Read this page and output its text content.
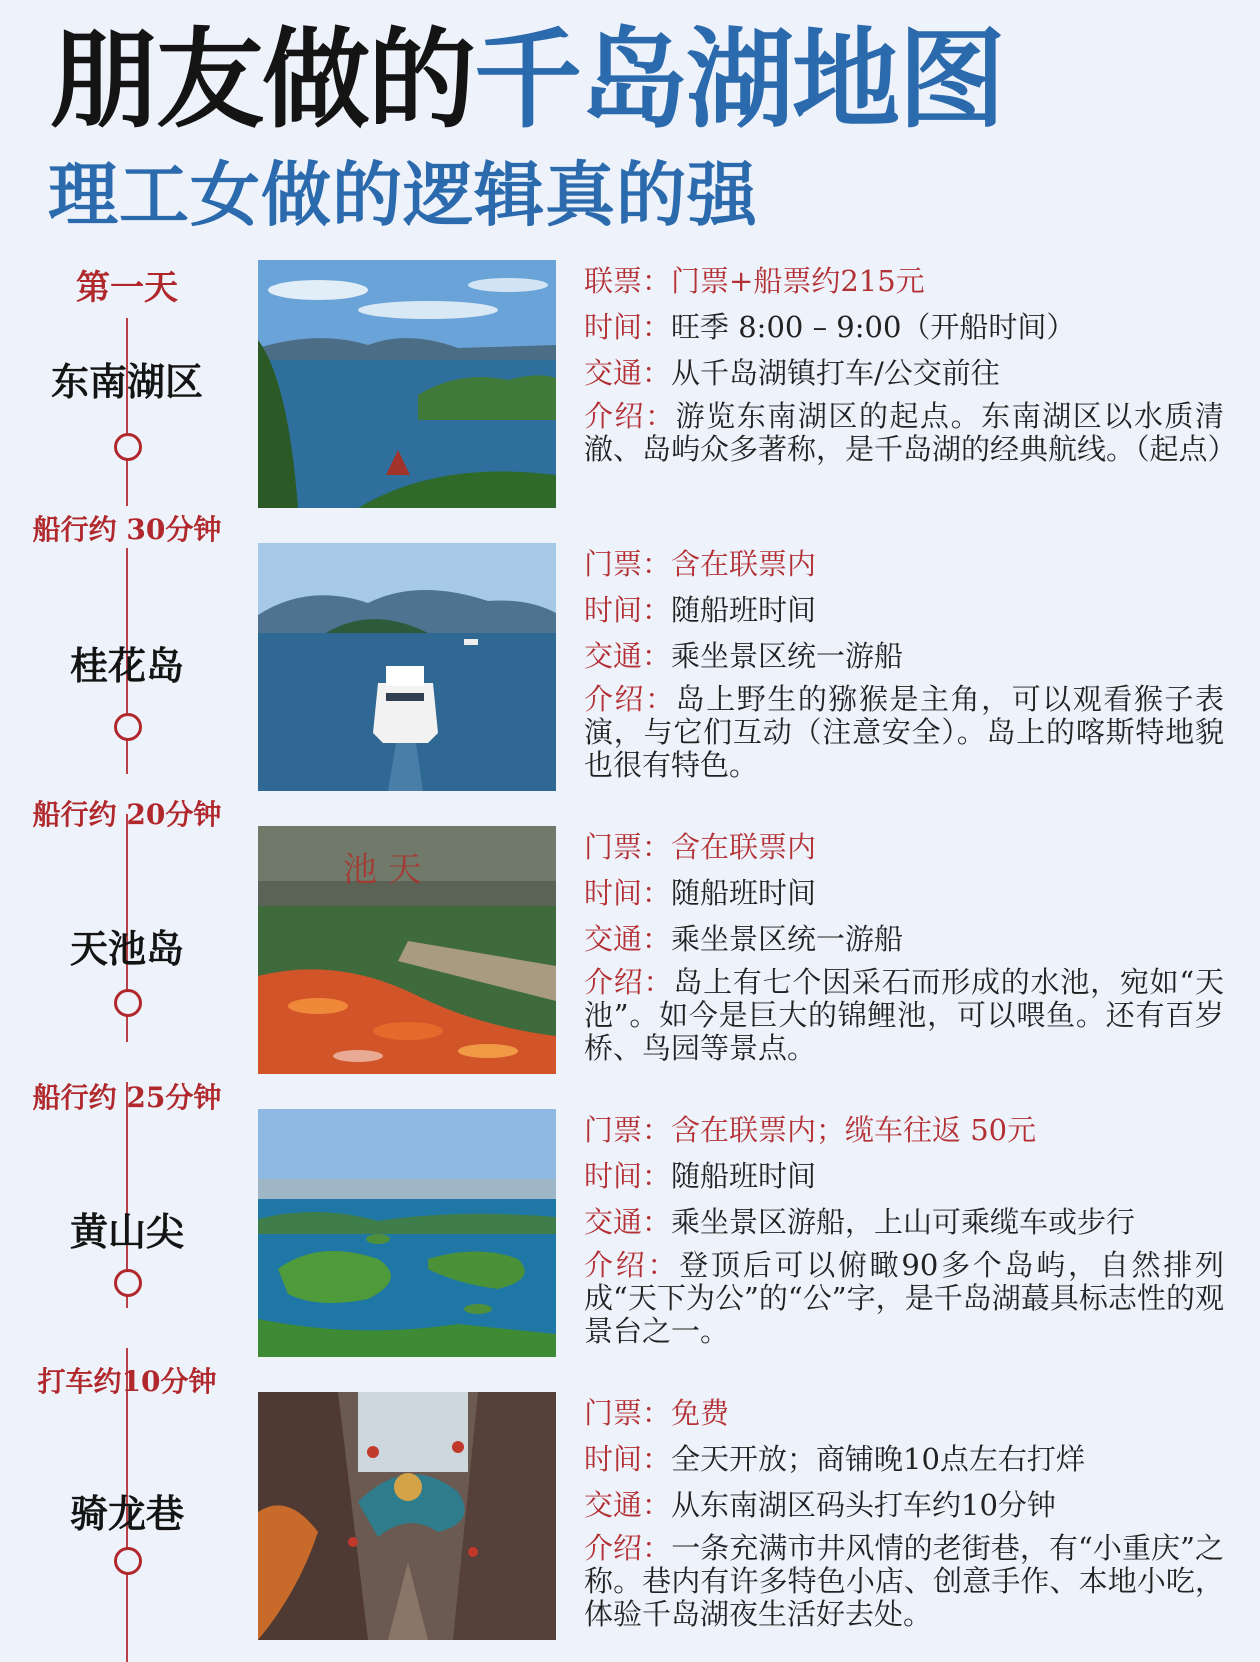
朋友做的千岛湖地图
理工女做的逻辑真的强
第一天
东南湖区
船行约 30分钟
桂花岛
船行约 20分钟
天池岛
船行约 25分钟
黄山尖
打车约10分钟
骑龙巷
池 天
联票：门票+船票约215元
时间：旺季 8:00 – 9:00（开船时间）
交通：从千岛湖镇打车/公交前往
介绍：游览东南湖区的起点。东南湖区以水质清澈、岛屿众多著称，是千岛湖的经典航线。（起点）
门票：含在联票内
时间：随船班时间
交通：乘坐景区统一游船
介绍：岛上野生的猕猴是主角，可以观看猴子表演，与它们互动（注意安全）。岛上的喀斯特地貌也很有特色。
门票：含在联票内
时间：随船班时间
交通：乘坐景区统一游船
介绍：岛上有七个因采石而形成的水池，宛如“天池”。如今是巨大的锦鲤池，可以喂鱼。还有百岁桥、鸟园等景点。
门票：含在联票内；缆车往返 50元
时间：随船班时间
交通：乘坐景区游船，上山可乘缆车或步行
介绍：登顶后可以俯瞰90多个岛屿，自然排列成“天下为公”的“公”字，是千岛湖蕞具标志性的观景台之一。
门票：免费
时间：全天开放；商铺晚10点左右打烊
交通：从东南湖区码头打车约10分钟
介绍：一条充满市井风情的老街巷，有“小重庆”之称。巷内有许多特色小店、创意手作、本地小吃，体验千岛湖夜生活好去处。
